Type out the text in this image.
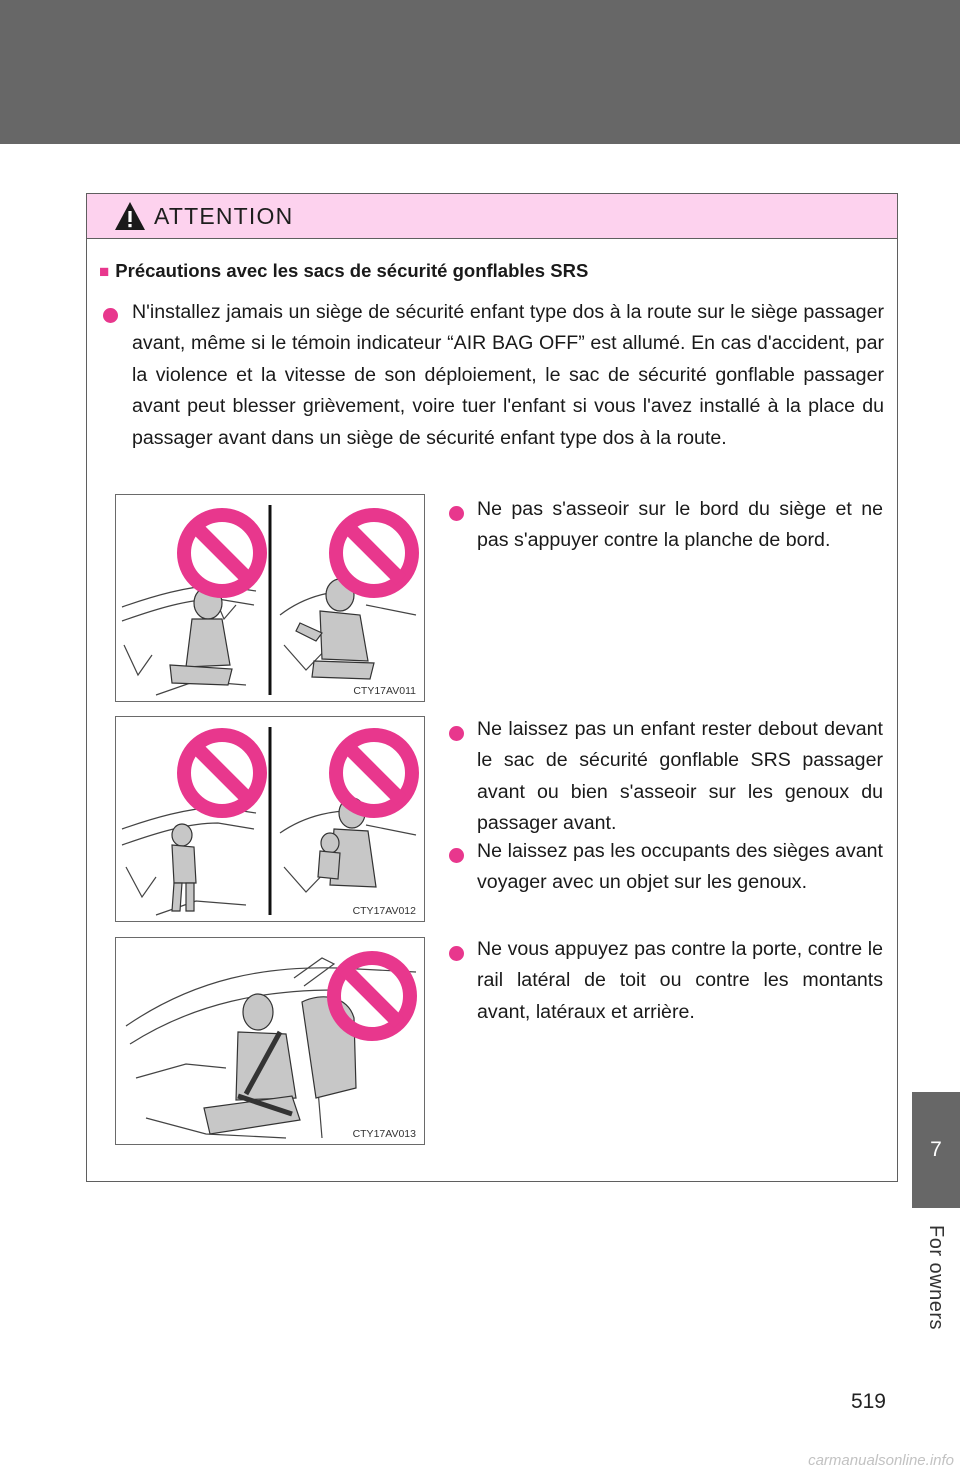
7
For owners
ATTENTION
■ Précautions avec les sacs de sécurité gonflables SRS
N'installez jamais un siège de sécurité enfant type dos à la route sur le siège passager avant, même si le témoin indicateur “AIR BAG OFF” est allumé. En cas d'accident, par la violence et la vitesse de son déploiement, le sac de sécurité gonflable passager avant peut blesser grièvement, voire tuer l'enfant si vous l'avez installé à la place du passager avant dans un siège de sécurité enfant type dos à la route.
CTY17AV011
Ne pas s'asseoir sur le bord du siège et ne pas s'appuyer contre la planche de bord.
CTY17AV012
Ne laissez pas un enfant rester debout devant le sac de sécurité gonflable SRS passager avant ou bien s'asseoir sur les genoux du passager avant.
Ne laissez pas les occupants des sièges avant voyager avec un objet sur les genoux.
CTY17AV013
Ne vous appuyez pas contre la porte, contre le rail latéral de toit ou contre les montants avant, latéraux et arrière.
519
carmanualsonline.info
